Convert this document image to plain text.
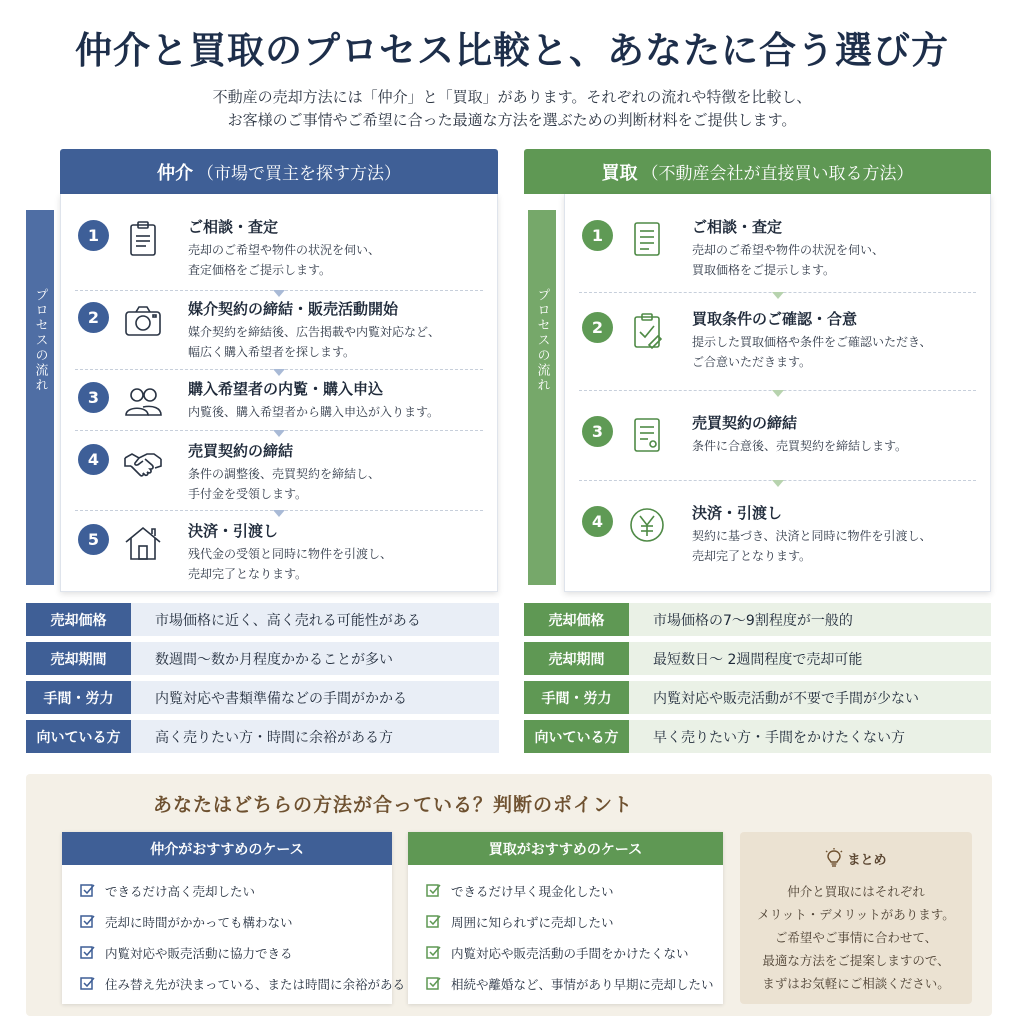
仲介と買取のプロセス比較と、あなたに合う選び方
不動産の売却方法には「仲介」と「買取」があります。それぞれの流れや特徴を比較し、
お客様のご事情やご希望に合った最適な方法を選ぶための判断材料をご提供します。
仲介 （市場で買主を探す方法）
プロセスの流れ
1	ご相談・査定
売却のご希望や物件の状況を伺い、
査定価格をご提示します。
2	媒介契約の締結・販売活動開始
媒介契約を締結後、広告掲載や内覧対応など、
幅広く購入希望者を探します。
3	購入希望者の内覧・購入申込
内覧後、購入希望者から購入申込が入ります。
4	売買契約の締結
条件の調整後、売買契約を締結し、
手付金を受領します。
5	決済・引渡し
残代金の受領と同時に物件を引渡し、
売却完了となります。
買取 （不動産会社が直接買い取る方法）
プロセスの流れ
1	ご相談・査定
売却のご希望や物件の状況を伺い、
買取価格をご提示します。
2	買取条件のご確認・合意
提示した買取価格や条件をご確認いただき、
ご合意いただきます。
3	売買契約の締結
条件に合意後、売買契約を締結します。
4	決済・引渡し
契約に基づき、決済と同時に物件を引渡し、
売却完了となります。
売却価格	市場価格に近く、高く売れる可能性がある
売却期間	数週間〜数か月程度かかることが多い
手間・労力	内覧対応や書類準備などの手間がかかる
向いている方	高く売りたい方・時間に余裕がある方
売却価格	市場価格の7〜9割程度が一般的
売却期間	最短数日〜 2週間程度で売却可能
手間・労力	内覧対応や販売活動が不要で手間が少ない
向いている方	早く売りたい方・手間をかけたくない方
あなたはどちらの方法が合っている？判断のポイント
仲介がおすすめのケース
できるだけ高く売却したい
売却に時間がかかっても構わない
内覧対応や販売活動に協力できる
住み替え先が決まっている、または時間に余裕がある
買取がおすすめのケース
できるだけ早く現金化したい
周囲に知られずに売却したい
内覧対応や販売活動の手間をかけたくない
相続や離婚など、事情があり早期に売却したい
まとめ
仲介と買取にはそれぞれ
メリット・デメリットがあります。
ご希望やご事情に合わせて、
最適な方法をご提案しますので、
まずはお気軽にご相談ください。
